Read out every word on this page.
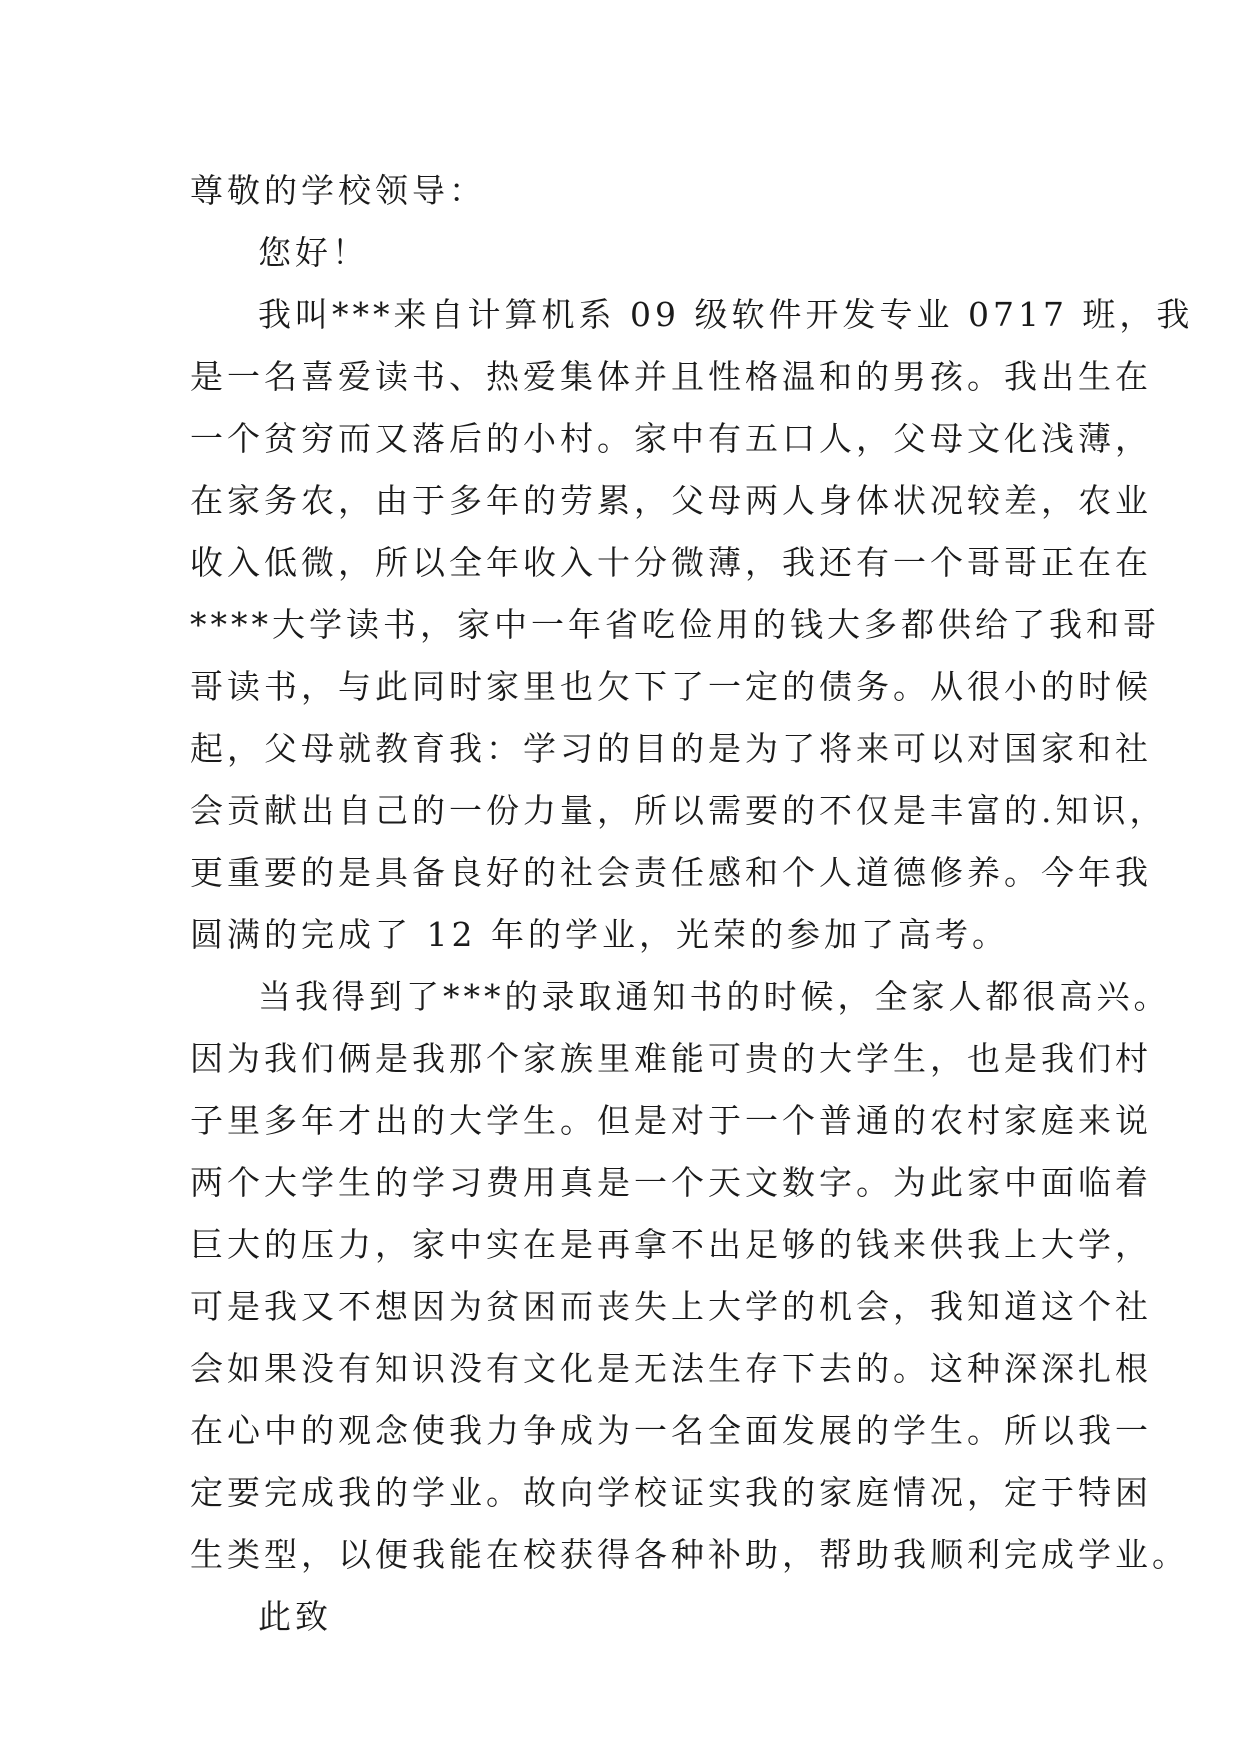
尊敬的学校领导：
您好！
我叫***来自计算机系 09 级软件开发专业 0717 班，我
是一名喜爱读书、热爱集体并且性格温和的男孩。我出生在
一个贫穷而又落后的小村。家中有五口人，父母文化浅薄，
在家务农，由于多年的劳累，父母两人身体状况较差，农业
收入低微，所以全年收入十分微薄，我还有一个哥哥正在在
****大学读书，家中一年省吃俭用的钱大多都供给了我和哥
哥读书，与此同时家里也欠下了一定的债务。从很小的时候
起，父母就教育我：学习的目的是为了将来可以对国家和社
会贡献出自己的一份力量，所以需要的不仅是丰富的.知识，
更重要的是具备良好的社会责任感和个人道德修养。今年我
圆满的完成了 12 年的学业，光荣的参加了高考。
当我得到了***的录取通知书的时候，全家人都很高兴。
因为我们俩是我那个家族里难能可贵的大学生，也是我们村
子里多年才出的大学生。但是对于一个普通的农村家庭来说
两个大学生的学习费用真是一个天文数字。为此家中面临着
巨大的压力，家中实在是再拿不出足够的钱来供我上大学，
可是我又不想因为贫困而丧失上大学的机会，我知道这个社
会如果没有知识没有文化是无法生存下去的。这种深深扎根
在心中的观念使我力争成为一名全面发展的学生。所以我一
定要完成我的学业。故向学校证实我的家庭情况，定于特困
生类型，以便我能在校获得各种补助，帮助我顺利完成学业。
此致
